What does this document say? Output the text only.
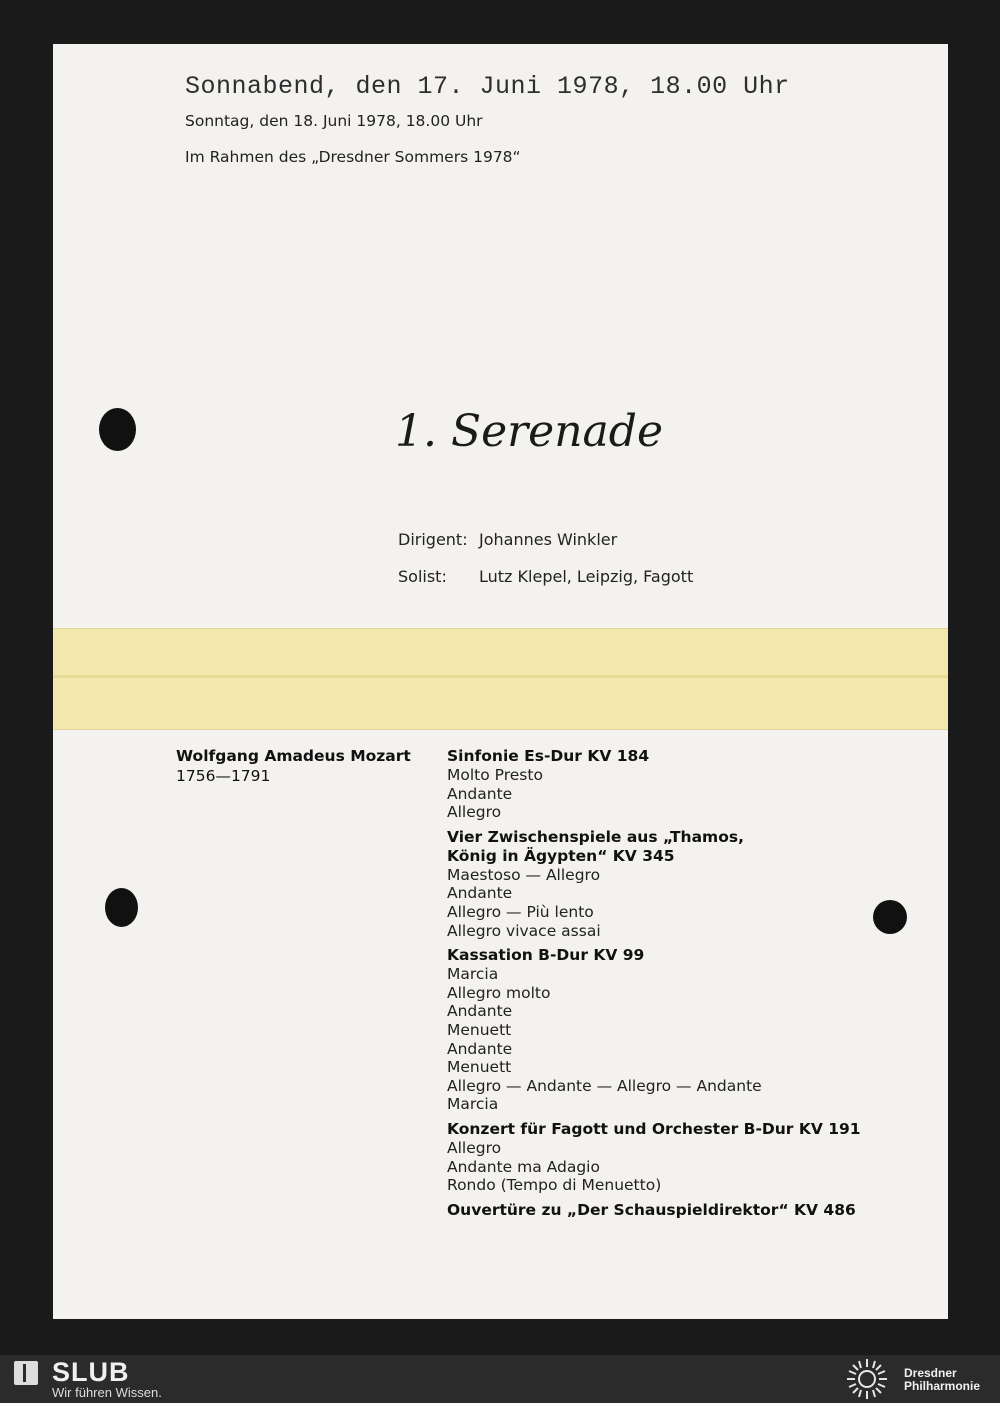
Sonnabend, den 17. Juni 1978, 18.00 Uhr
Sonntag, den 18. Juni 1978, 18.00 Uhr
Im Rahmen des „Dresdner Sommers 1978“
1. Serenade
Dirigent: Johannes Winkler
Solist:	Lutz Klepel, Leipzig, Fagott
Wolfgang Amadeus Mozart
1756—1791
Sinfonie Es-Dur KV 184
Molto Presto
Andante
Allegro
Vier Zwischenspiele aus „Thamos,
König in Ägypten“ KV 345
Maestoso — Allegro
Andante
Allegro — Più lento
Allegro vivace assai
Kassation B-Dur KV 99
Marcia
Allegro molto
Andante
Menuett
Andante
Menuett
Allegro — Andante — Allegro — Andante
Marcia
Konzert für Fagott und Orchester B-Dur KV 191
Allegro
Andante ma Adagio
Rondo (Tempo di Menuetto)
Ouvertüre zu „Der Schauspieldirektor“ KV 486
SLUB
Wir führen Wissen.
Dresdner
Philharmonie
